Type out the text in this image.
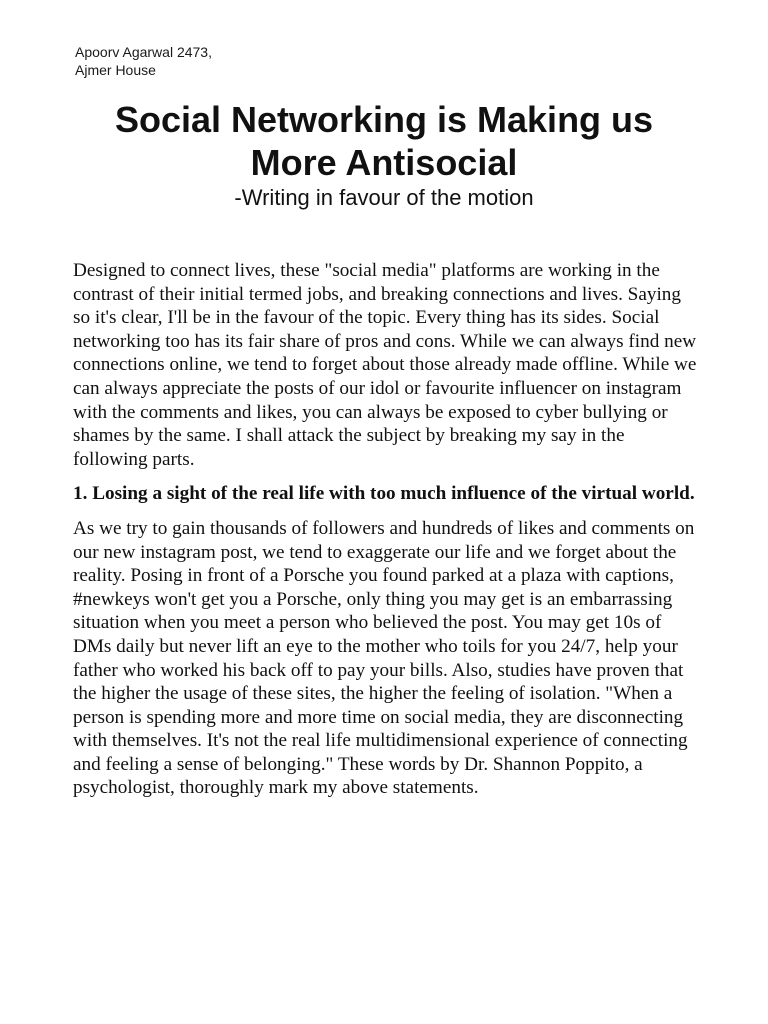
Apoorv Agarwal 2473,
Ajmer House
Social Networking is Making us
More Antisocial
-Writing in favour of the motion

Designed to connect lives, these "social media" platforms are working in the contrast of their initial termed jobs, and breaking connections and lives. Saying so it's clear, I'll be in the favour of the topic. Every thing has its sides. Social networking too has its fair share of pros and cons. While we can always find new connections online, we tend to forget about those already made offline. While we can always appreciate the posts of our idol or favourite influencer on instagram with the comments and likes, you can always be exposed to cyber bullying or shames by the same. I shall attack the subject by breaking my say in the following parts.

1. Losing a sight of the real life with too much influence of the virtual world.

As we try to gain thousands of followers and hundreds of likes and comments on our new instagram post, we tend to exaggerate our life and we forget about the reality. Posing in front of a Porsche you found parked at a plaza with captions, #newkeys won't get you a Porsche, only thing you may get is an embarrassing situation when you meet a person who believed the post. You may get 10s of DMs daily but never lift an eye to the mother who toils for you 24/7, help your father who worked his back off to pay your bills. Also, studies have proven that the higher the usage of these sites, the higher the feeling of isolation. "When a person is spending more and more time on social media, they are disconnecting with themselves. It's not the real life multidimensional experience of connecting and feeling a sense of belonging." These words by Dr. Shannon Poppito, a psychologist, thoroughly mark my above statements.
